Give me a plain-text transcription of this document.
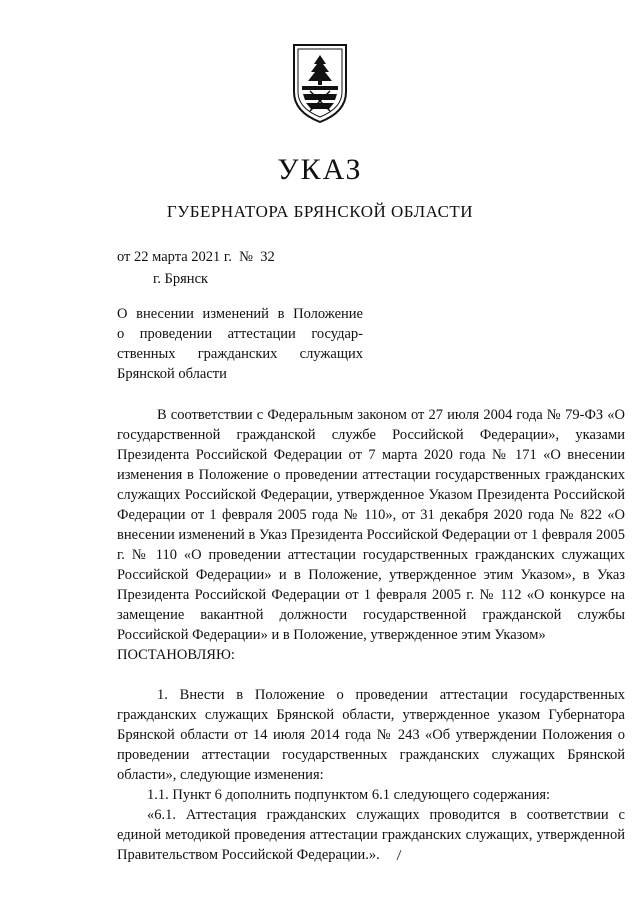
УКАЗ
ГУБЕРНАТОРА БРЯНСКОЙ ОБЛАСТИ
от 22 марта 2021 г.  №  32
г. Брянск
О внесении изменений в Положение
о проведении аттестации государ-
ственных гражданских служащих
Брянской области

В соответствии с Федеральным законом от 27 июля 2004 года № 79-ФЗ «О государственной гражданской службе Российской Федерации», указами Президента Российской Федерации от 7 марта 2020 года № 171 «О внесении изменения в Положение о проведении аттестации государственных гражданских служащих Российской Федерации, утвержденное Указом Президента Российской Федерации от 1 февраля 2005 года № 110», от 31 декабря 2020 года № 822 «О внесении изменений в Указ Президента Российской Федерации от 1 февраля 2005 г. № 110 «О проведении аттестации государственных гражданских служащих Российской Федерации» и в Положение, утвержденное этим Указом», в Указ Президента Российской Федерации от 1 февраля 2005 г. № 112 «О конкурсе на замещение вакантной должности государственной гражданской службы Российской Федерации» и в Положение, утвержденное этим Указом»

ПОСТАНОВЛЯЮ:

1. Внести в Положение о проведении аттестации государственных гражданских служащих Брянской области, утвержденное указом Губернатора Брянской области от 14 июля 2014 года № 243 «Об утверждении Положения о проведении аттестации государственных гражданских служащих Брянской области», следующие изменения:

1.1. Пункт 6 дополнить подпунктом 6.1 следующего содержания:

«6.1. Аттестация гражданских служащих проводится в соответствии с единой методикой проведения аттестации гражданских служащих, утвержденной Правительством Российской Федерации.».
